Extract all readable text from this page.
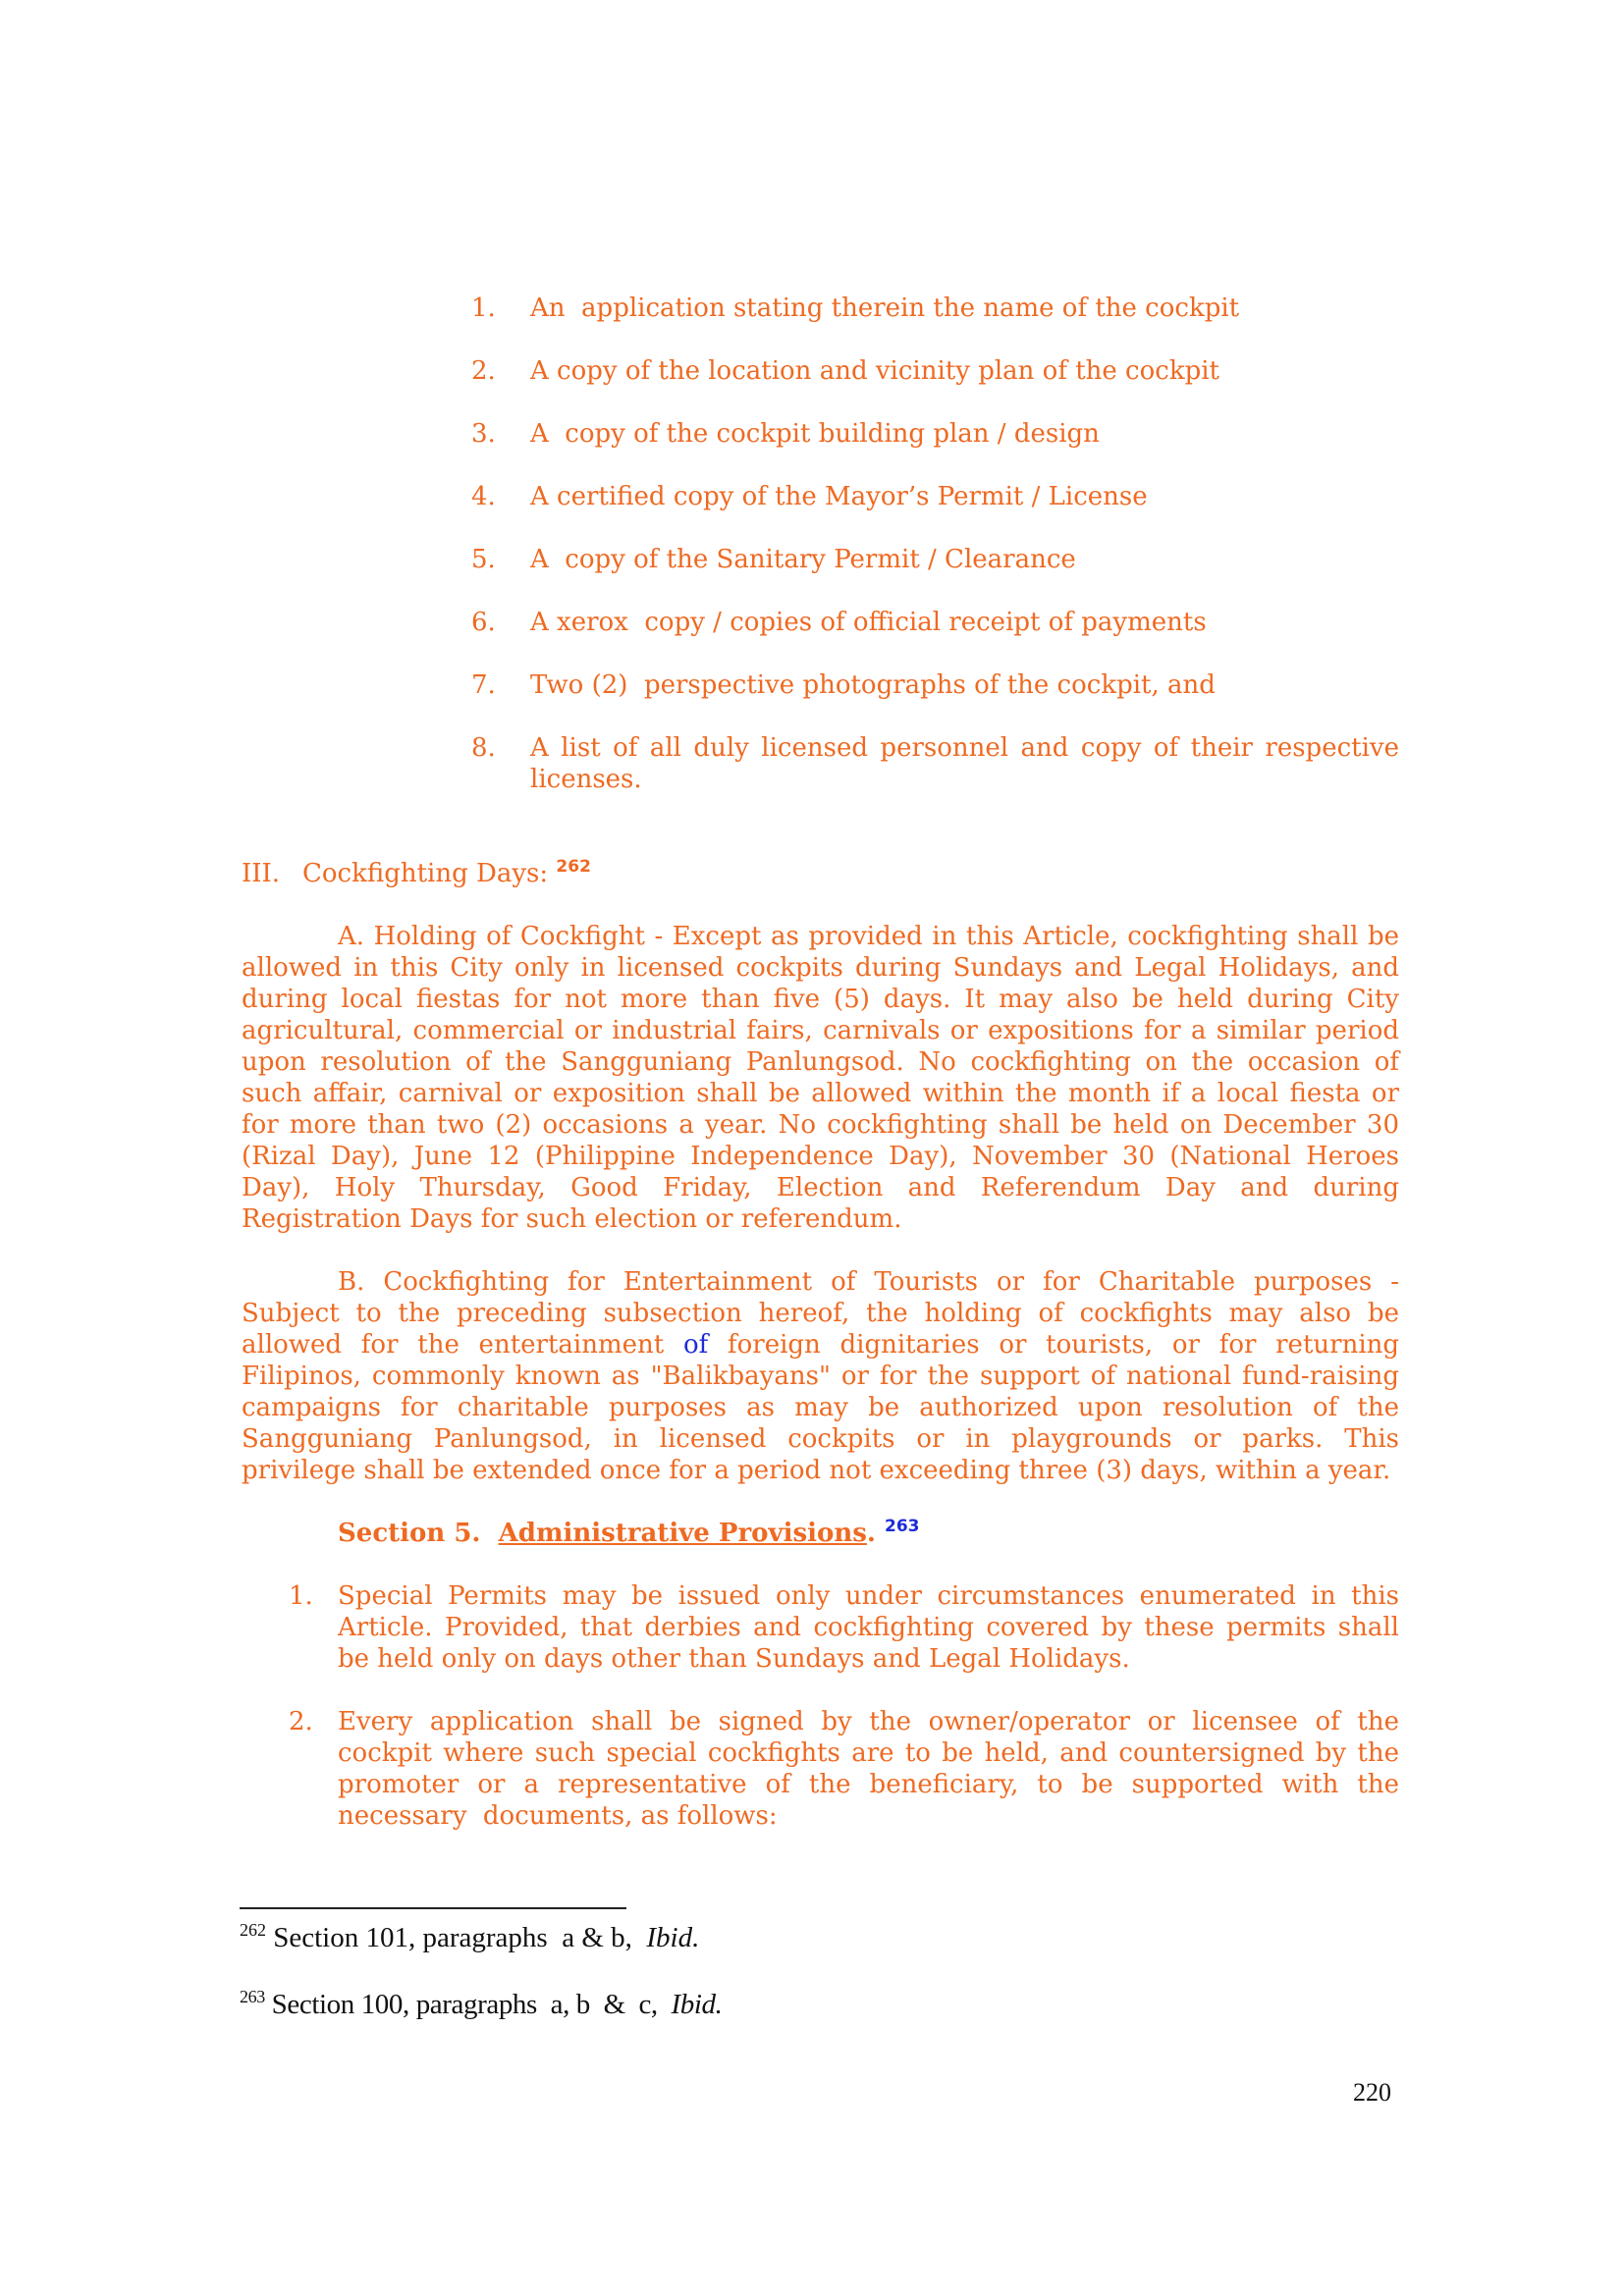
1. An  application stating therein the name of the cockpit
2. A copy of the location and vicinity plan of the cockpit
3. A  copy of the cockpit building plan / design
4. A certified copy of the Mayor’s Permit / License
5. A  copy of the Sanitary Permit / Clearance
6. A xerox  copy / copies of official receipt of payments
7. Two (2)  perspective photographs of the cockpit, and
8. A list of all duly licensed personnel and copy of their respective
licenses.
III. Cockfighting Days: $^{262}$
A. Holding of Cockfight - Except as provided in this Article, cockfighting shall be
allowed in this City only in licensed cockpits during Sundays and Legal Holidays, and
during local fiestas for not more than five (5) days. It may also be held during City
agricultural, commercial or industrial fairs, carnivals or expositions for a similar period
upon resolution of the Sangguniang Panlungsod. No cockfighting on the occasion of
such affair, carnival or exposition shall be allowed within the month if a local fiesta or
for more than two (2) occasions a year. No cockfighting shall be held on December 30
(Rizal Day), June 12 (Philippine Independence Day), November 30 (National Heroes
Day), Holy Thursday, Good Friday, Election and Referendum Day and during
Registration Days for such election or referendum.
B. Cockfighting for Entertainment of Tourists or for Charitable purposes -
Subject to the preceding subsection hereof, the holding of cockfights may also be
allowed for the entertainment of foreign dignitaries or tourists, or for returning
Filipinos, commonly known as "Balikbayans" or for the support of national fund-raising
campaigns for charitable purposes as may be authorized upon resolution of the
Sangguniang Panlungsod, in licensed cockpits or in playgrounds or parks. This
privilege shall be extended once for a period not exceeding three (3) days, within a year.
Section 5. Administrative Provisions. $^{263}$
1. Special Permits may be issued only under circumstances enumerated in this
Article. Provided, that derbies and cockfighting covered by these permits shall
be held only on days other than Sundays and Legal Holidays.
2. Every application shall be signed by the owner/operator or licensee of the
cockpit where such special cockfights are to be held, and countersigned by the
promoter or a representative of the beneficiary, to be supported with the
necessary  documents, as follows:
$^{262}$ Section 101, paragraphs  a & b,  Ibid.
$^{263}$ Section 100, paragraphs  a, b  &  c,  Ibid.
220
